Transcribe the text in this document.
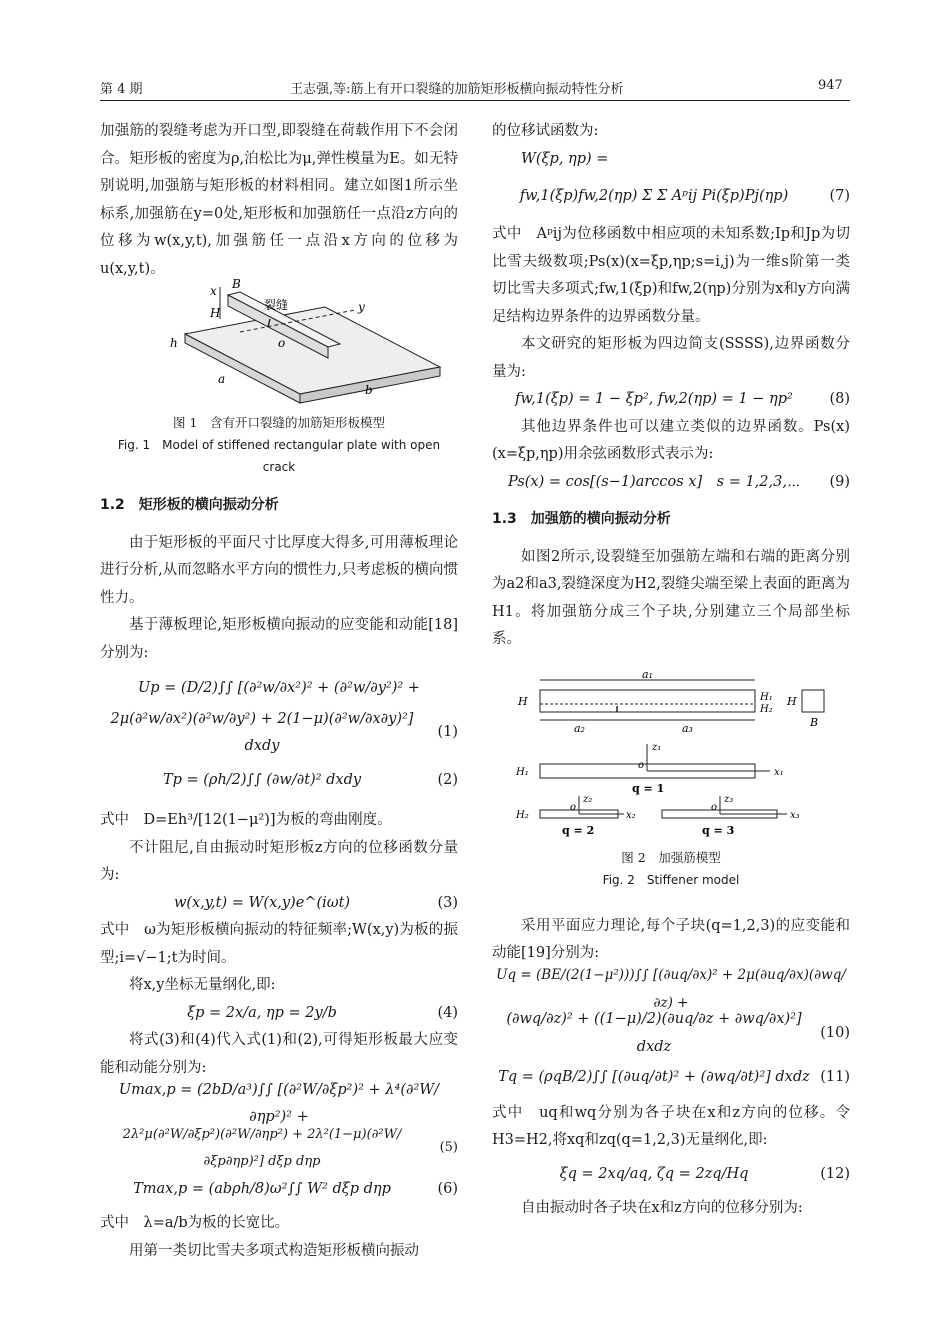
第 4 期	王志强,等:筋上有开口裂缝的加筋矩形板横向振动特性分析	947

加强筋的裂缝考虑为开口型,即裂缝在荷载作用下不会闭合。矩形板的密度为ρ,泊松比为μ,弹性模量为E。如无特别说明,加强筋与矩形板的材料相同。建立如图1所示坐标系,加强筋在y=0处,矩形板和加强筋任一点沿z方向的位移为w(x,y,t),加强筋任一点沿x方向的位移为u(x,y,t)。

x B
H
裂缝	y
h	o
a
b

图 1　含有开口裂缝的加筋矩形板模型

Fig. 1　Model of stiffened rectangular plate with open crack

1.2　矩形板的横向振动分析

由于矩形板的平面尺寸比厚度大得多,可用薄板理论进行分析,从而忽略水平方向的惯性力,只考虑板的横向惯性力。

基于薄板理论,矩形板横向振动的应变能和动能[18]分别为:

Up = (D/2)∫∫ [(∂²w/∂x²)² + (∂²w/∂y²)² +

2μ(∂²w/∂x²)(∂²w/∂y²) + 2(1−μ)(∂²w/∂x∂y)²] dxdy
(1)

Tp = (ρh/2)∫∫ (∂w/∂t)² dxdy	(2)

式中　D=Eh³/[12(1−μ²)]为板的弯曲刚度。

不计阻尼,自由振动时矩形板z方向的位移函数分量为:

w(x,y,t) = W(x,y)e^(iωt)	(3)

式中　ω为矩形板横向振动的特征频率;W(x,y)为板的振型;i=√−1;t为时间。

将x,y坐标无量纲化,即:

ξp = 2x/a, ηp = 2y/b	(4)

将式(3)和(4)代入式(1)和(2),可得矩形板最大应变能和动能分别为:

Umax,p = (2bD/a³)∫∫ [(∂²W/∂ξp²)² + λ⁴(∂²W/∂ηp²)² +

2λ²μ(∂²W/∂ξp²)(∂²W/∂ηp²) + 2λ²(1−μ)(∂²W/∂ξp∂ηp)²] dξp dηp
(5)

Tmax,p = (abρh/8)ω²∫∫ W² dξp dηp	(6)

式中　λ=a/b为板的长宽比。

用第一类切比雪夫多项式构造矩形板横向振动

的位移试函数为:

W(ξp, ηp) =

fw,1(ξp)fw,2(ηp) Σ Σ Aᵖij Pi(ξp)Pj(ηp)	(7)

式中　Aᵖij为位移函数中相应项的未知系数;Ip和Jp为切比雪夫级数项;Ps(x)(x=ξp,ηp;s=i,j)为一维s阶第一类切比雪夫多项式;fw,1(ξp)和fw,2(ηp)分别为x和y方向满足结构边界条件的边界函数分量。

本文研究的矩形板为四边简支(SSSS),边界函数分量为:

fw,1(ξp) = 1 − ξp², fw,2(ηp) = 1 − ηp²	(8)

其他边界条件也可以建立类似的边界函数。Ps(x)(x=ξp,ηp)用余弦函数形式表示为:

Ps(x) = cos[(s−1)arccos x]　s = 1,2,3,⋯	(9)

1.3　加强筋的横向振动分析

如图2所示,设裂缝至加强筋左端和右端的距离分别为a2和a3,裂缝深度为H2,裂缝尖端至梁上表面的距离为H1。将加强筋分成三个子块,分别建立三个局部坐标系。

a₁
H	H₁
H₂
H
B
a₂	a₃
z₁
x₁
H₁
o
q = 1
H₂
z₂
x₂
o
z₃
x₃
o
q = 2	q = 3

图 2　加强筋模型

Fig. 2　Stiffener model

采用平面应力理论,每个子块(q=1,2,3)的应变能和动能[19]分别为:

Uq = (BE/(2(1−μ²)))∫∫ [(∂uq/∂x)² + 2μ(∂uq/∂x)(∂wq/∂z) +

(∂wq/∂z)² + ((1−μ)/2)(∂uq/∂z + ∂wq/∂x)²] dxdz
(10)

Tq = (ρqB/2)∫∫ [(∂uq/∂t)² + (∂wq/∂t)²] dxdz (11)

式中　uq和wq分别为各子块在x和z方向的位移。令H3=H2,将xq和zq(q=1,2,3)无量纲化,即:

ξq = 2xq/aq, ζq = 2zq/Hq	(12)

自由振动时各子块在x和z方向的位移分别为:
